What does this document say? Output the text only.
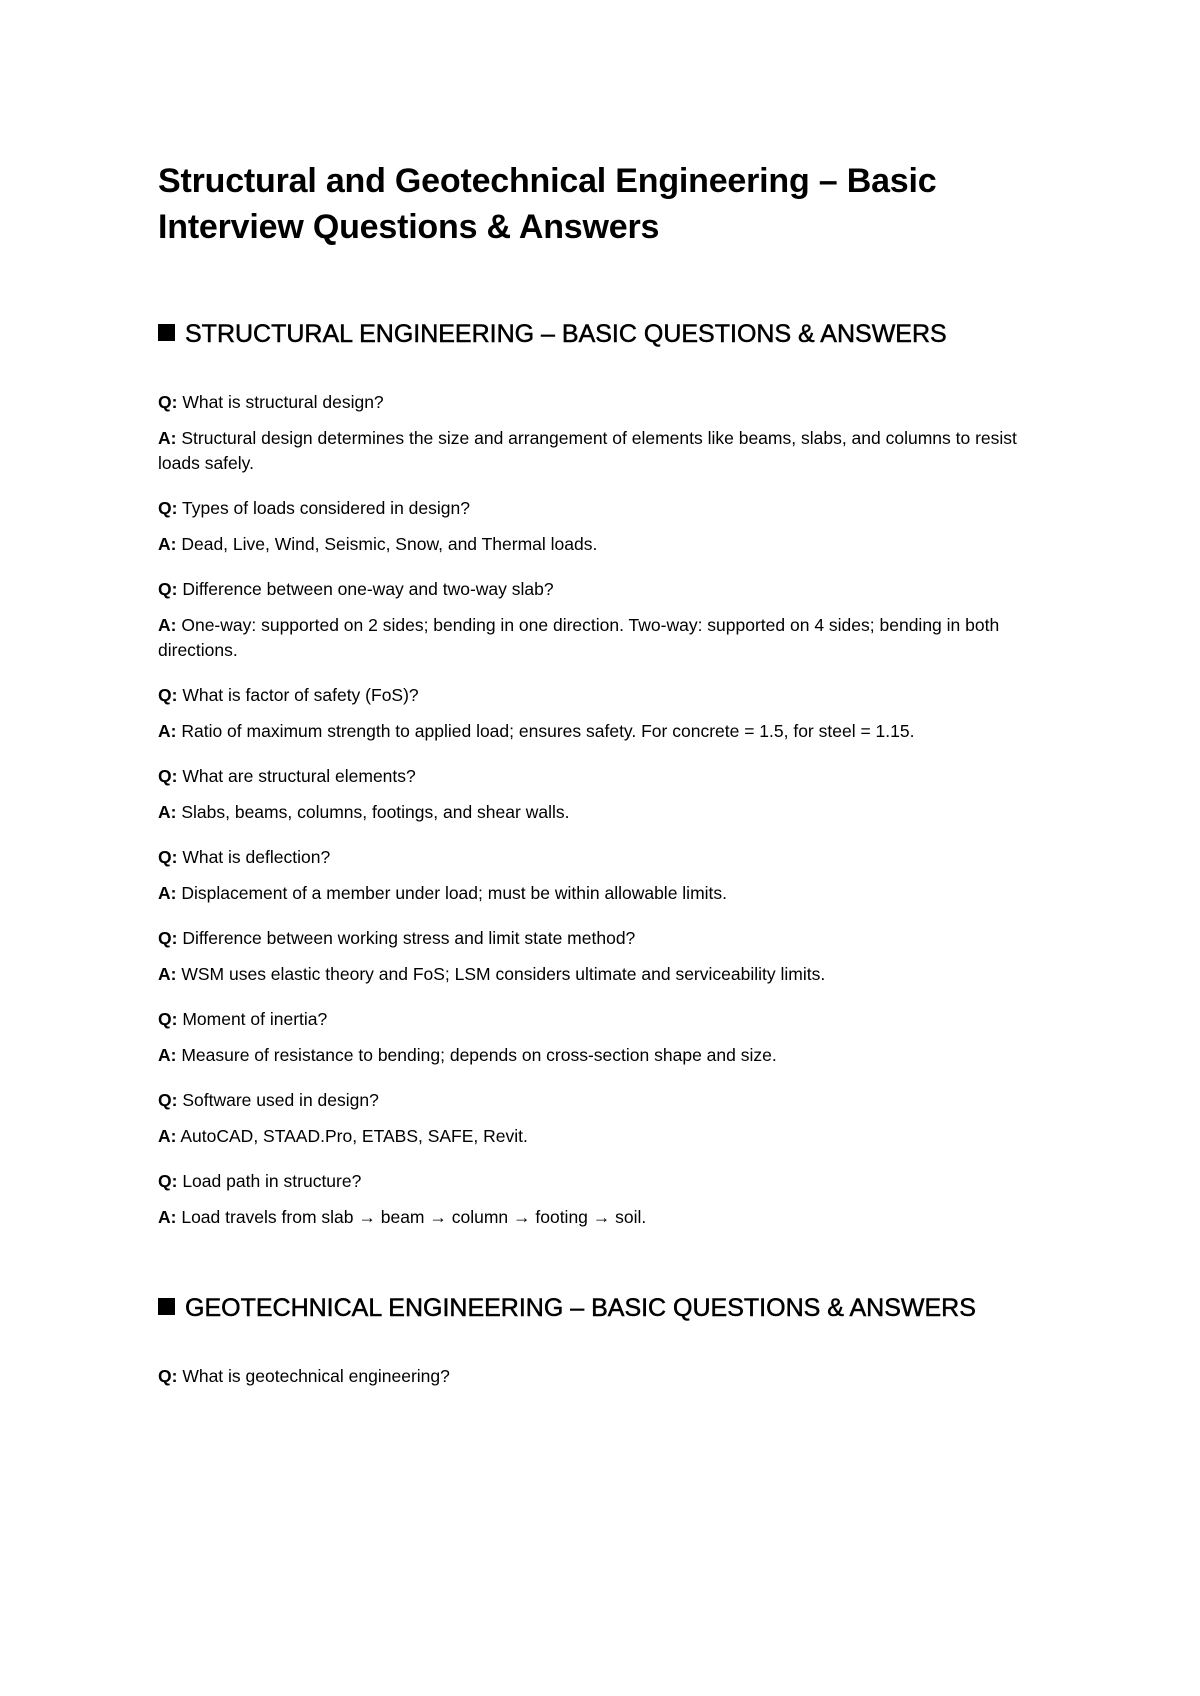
Structural and Geotechnical Engineering – Basic Interview Questions & Answers
STRUCTURAL ENGINEERING – BASIC QUESTIONS & ANSWERS

Q: What is structural design?

A: Structural design determines the size and arrangement of elements like beams, slabs, and columns to resist loads safely.

Q: Types of loads considered in design?

A: Dead, Live, Wind, Seismic, Snow, and Thermal loads.

Q: Difference between one-way and two-way slab?

A: One-way: supported on 2 sides; bending in one direction. Two-way: supported on 4 sides; bending in both directions.

Q: What is factor of safety (FoS)?

A: Ratio of maximum strength to applied load; ensures safety. For concrete = 1.5, for steel = 1.15.

Q: What are structural elements?

A: Slabs, beams, columns, footings, and shear walls.

Q: What is deflection?

A: Displacement of a member under load; must be within allowable limits.

Q: Difference between working stress and limit state method?

A: WSM uses elastic theory and FoS; LSM considers ultimate and serviceability limits.

Q: Moment of inertia?

A: Measure of resistance to bending; depends on cross-section shape and size.

Q: Software used in design?

A: AutoCAD, STAAD.Pro, ETABS, SAFE, Revit.

Q: Load path in structure?

A: Load travels from slab → beam → column → footing → soil.

GEOTECHNICAL ENGINEERING – BASIC QUESTIONS & ANSWERS

Q: What is geotechnical engineering?
